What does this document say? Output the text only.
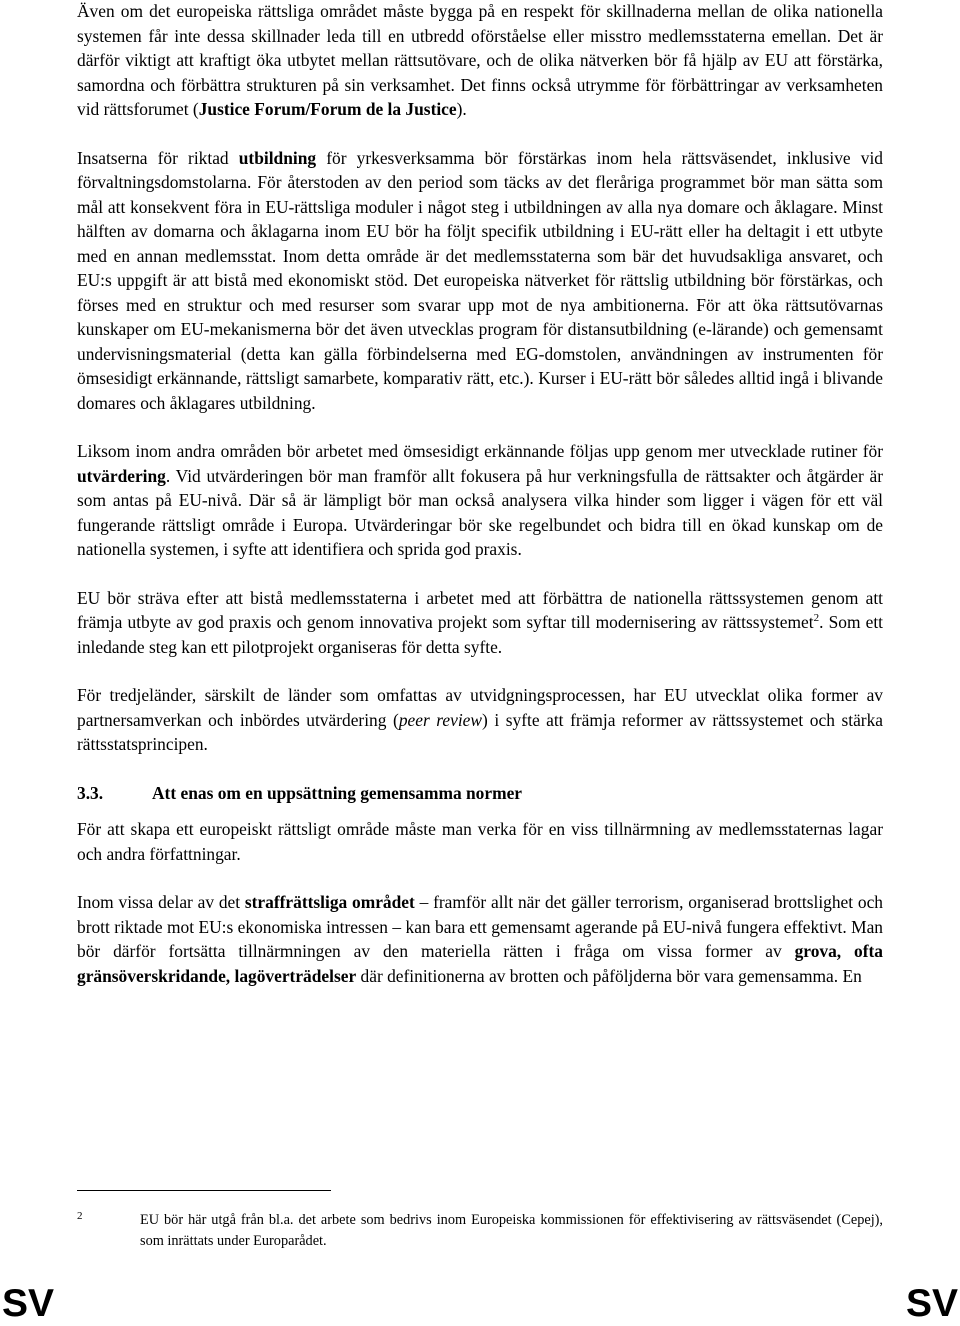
Även om det europeiska rättsliga området måste bygga på en respekt för skillnaderna mellan de olika nationella systemen får inte dessa skillnader leda till en utbredd oförståelse eller misstro medlemsstaterna emellan. Det är därför viktigt att kraftigt öka utbytet mellan rättsutövare, och de olika nätverken bör få hjälp av EU att förstärka, samordna och förbättra strukturen på sin verksamhet. Det finns också utrymme för förbättringar av verksamheten vid rättsforumet (Justice Forum/Forum de la Justice).

Insatserna för riktad utbildning för yrkesverksamma bör förstärkas inom hela rättsväsendet, inklusive vid förvaltningsdomstolarna. För återstoden av den period som täcks av det fleråriga programmet bör man sätta som mål att konsekvent föra in EU-rättsliga moduler i något steg i utbildningen av alla nya domare och åklagare. Minst hälften av domarna och åklagarna inom EU bör ha följt specifik utbildning i EU-rätt eller ha deltagit i ett utbyte med en annan medlemsstat. Inom detta område är det medlemsstaterna som bär det huvudsakliga ansvaret, och EU:s uppgift är att bistå med ekonomiskt stöd. Det europeiska nätverket för rättslig utbildning bör förstärkas, och förses med en struktur och med resurser som svarar upp mot de nya ambitionerna. För att öka rättsutövarnas kunskaper om EU-mekanismerna bör det även utvecklas program för distansutbildning (e-lärande) och gemensamt undervisningsmaterial (detta kan gälla förbindelserna med EG-domstolen, användningen av instrumenten för ömsesidigt erkännande, rättsligt samarbete, komparativ rätt, etc.). Kurser i EU-rätt bör således alltid ingå i blivande domares och åklagares utbildning.

Liksom inom andra områden bör arbetet med ömsesidigt erkännande följas upp genom mer utvecklade rutiner för utvärdering. Vid utvärderingen bör man framför allt fokusera på hur verkningsfulla de rättsakter och åtgärder är som antas på EU-nivå. Där så är lämpligt bör man också analysera vilka hinder som ligger i vägen för ett väl fungerande rättsligt område i Europa. Utvärderingar bör ske regelbundet och bidra till en ökad kunskap om de nationella systemen, i syfte att identifiera och sprida god praxis.

EU bör sträva efter att bistå medlemsstaterna i arbetet med att förbättra de nationella rättssystemen genom att främja utbyte av god praxis och genom innovativa projekt som syftar till modernisering av rättssystemet$^2$. Som ett inledande steg kan ett pilotprojekt organiseras för detta syfte.

För tredjeländer, särskilt de länder som omfattas av utvidgningsprocessen, har EU utvecklat olika former av partnersamverkan och inbördes utvärdering (peer review) i syfte att främja reformer av rättssystemet och stärka rättsstatsprincipen.

3.3.	Att enas om en uppsättning gemensamma normer

För att skapa ett europeiskt rättsligt område måste man verka för en viss tillnärmning av medlemsstaternas lagar och andra författningar.

Inom vissa delar av det straffrättsliga området – framför allt när det gäller terrorism, organiserad brottslighet och brott riktade mot EU:s ekonomiska intressen – kan bara ett gemensamt agerande på EU-nivå fungera effektivt. Man bör därför fortsätta tillnärmningen av den materiella rätten i fråga om vissa former av grova, ofta gränsöverskridande, lagöverträdelser där definitionerna av brotten och påföljderna bör vara gemensamma. En

2	EU bör här utgå från bl.a. det arbete som bedrivs inom Europeiska kommissionen för effektivisering av rättsväsendet (Cepej), som inrättats under Europarådet.
SV	SV
